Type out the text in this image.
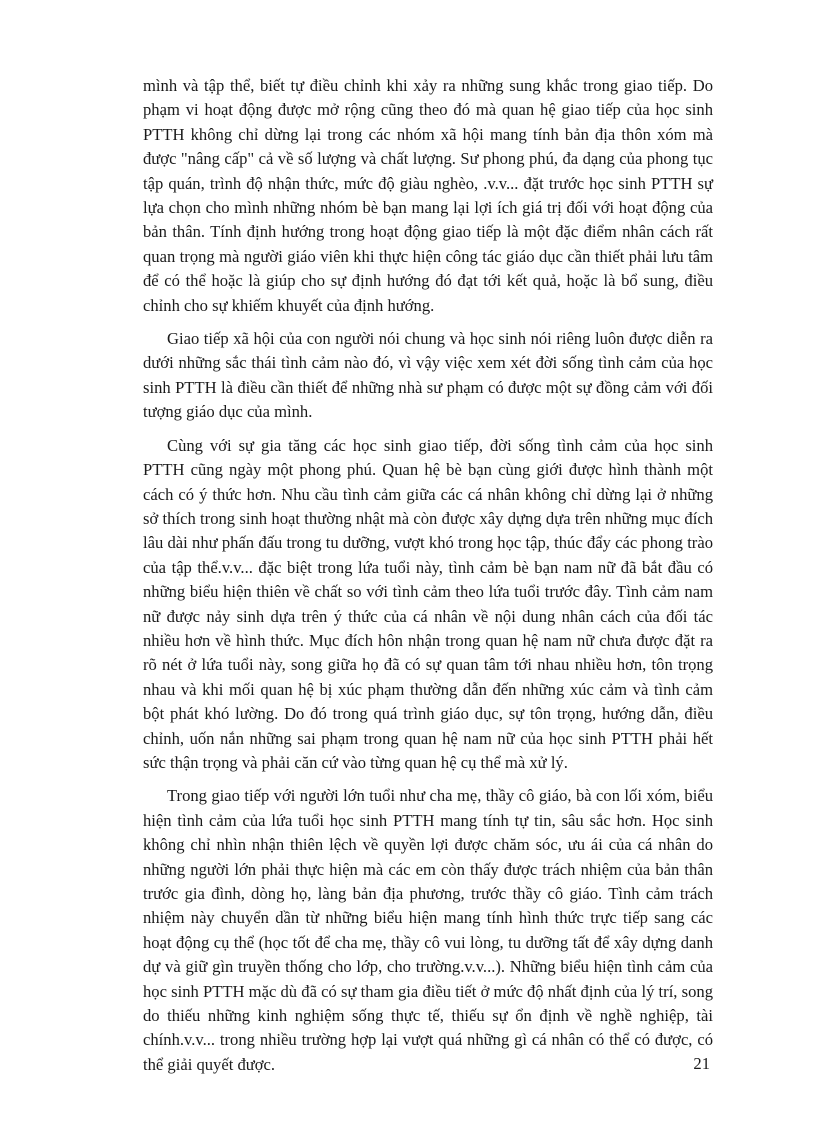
mình và tập thể, biết tự điều chỉnh khi xảy ra những sung khắc trong giao tiếp. Do phạm vi hoạt động được mở rộng cũng theo đó mà quan hệ giao tiếp của học sinh PTTH không chỉ dừng lại trong các nhóm xã hội mang tính bản địa thôn xóm mà được "nâng cấp" cả về số lượng và chất lượng. Sư phong phú, đa dạng của phong tục tập quán, trình độ nhận thức, mức độ giàu nghèo, .v.v... đặt trước học sinh PTTH sự lựa chọn cho mình những nhóm bè bạn mang lại lợi ích giá trị đối với hoạt động của bản thân. Tính định hướng trong hoạt động giao tiếp là một đặc điểm nhân cách rất quan trọng mà người giáo viên khi thực hiện công tác giáo dục cần thiết phải lưu tâm để có thể hoặc là giúp cho sự định hướng đó đạt tới kết quả, hoặc là bổ sung, điều chỉnh cho sự khiếm khuyết của định hướng.

Giao tiếp xã hội của con người nói chung và học sinh nói riêng luôn được diễn ra dưới những sắc thái tình cảm nào đó, vì vậy việc xem xét đời sống tình cảm của học sinh PTTH là điều cần thiết để những nhà sư phạm có được một sự đồng cảm với đối tượng giáo dục của mình.

Cùng với sự gia tăng các học sinh giao tiếp, đời sống tình cảm của học sinh PTTH cũng ngày một phong phú. Quan hệ bè bạn cùng giới được hình thành một cách có ý thức hơn. Nhu cầu tình cảm giữa các cá nhân không chỉ dừng lại ở những sở thích trong sinh hoạt thường nhật mà còn được xây dựng dựa trên những mục đích lâu dài như phấn đấu trong tu dưỡng, vượt khó trong học tập, thúc đẩy các phong trào của tập thể.v.v... đặc biệt trong lứa tuổi này, tình cảm bè bạn nam nữ đã bắt đầu có những biểu hiện thiên về chất so với tình cảm theo lứa tuổi trước đây. Tình cảm nam nữ được nảy sinh dựa trên ý thức của cá nhân về nội dung nhân cách của đối tác nhiều hơn về hình thức. Mục đích hôn nhận trong quan hệ nam nữ chưa được đặt ra rõ nét ở lứa tuổi này, song giữa họ đã có sự quan tâm tới nhau nhiều hơn, tôn trọng nhau và khi mối quan hệ bị xúc phạm thường dẫn đến những xúc cảm và tình cảm bột phát khó lường. Do đó trong quá trình giáo dục, sự tôn trọng, hướng dẫn, điều chỉnh, uốn nắn những sai phạm trong quan hệ nam nữ của học sinh PTTH phải hết sức thận trọng và phải căn cứ vào từng quan hệ cụ thể mà xử lý.

Trong giao tiếp với người lớn tuổi như cha mẹ, thầy cô giáo, bà con lối xóm, biểu hiện tình cảm của lứa tuổi học sinh PTTH mang tính tự tin, sâu sắc hơn. Học sinh không chỉ nhìn nhận thiên lệch về quyền lợi được chăm sóc, ưu ái của cá nhân do những người lớn phải thực hiện mà các em còn thấy được trách nhiệm của bản thân trước gia đình, dòng họ, làng bản địa phương, trước thầy cô giáo. Tình cảm trách nhiệm này chuyển dần từ những biểu hiện mang tính hình thức trực tiếp sang các hoạt động cụ thể (học tốt để cha mẹ, thầy cô vui lòng, tu dưỡng tất để xây dựng danh dự và giữ gìn truyền thống cho lớp, cho trường.v.v...). Những biểu hiện tình cảm của học sinh PTTH mặc dù đã có sự tham gia điều tiết ở mức độ nhất định của lý trí, song do thiếu những kinh nghiệm sống thực tế, thiếu sự ổn định về nghề nghiệp, tài chính.v.v... trong nhiều trường hợp lại vượt quá những gì cá nhân có thể có được, có thể giải quyết được.	21
